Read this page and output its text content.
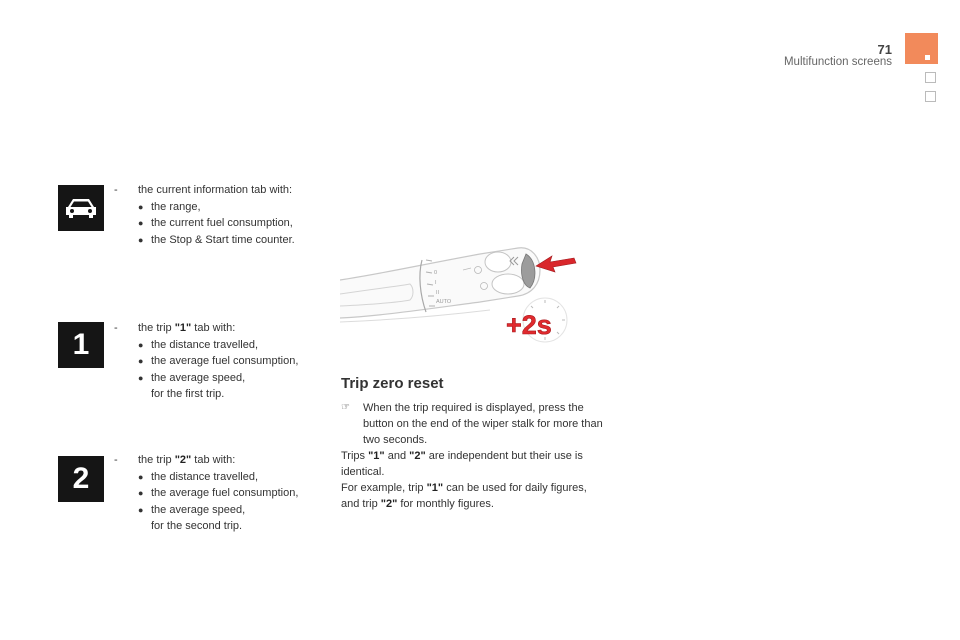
71
Multifunction screens
- the current information tab with:
● the range,
● the current fuel consumption,
● the Stop & Start time counter.
1 - the trip "1" tab with:
● the distance travelled,
● the average fuel consumption,
● the average speed,
for the first trip.
2
- the trip "2" tab with:
● the distance travelled,
● the average fuel consumption,
● the average speed,
for the second trip.
0
I
II
AUTO
+2s
Trip zero reset
☞ When the trip required is displayed, press the button on the end of the wiper stalk for more than two seconds.

Trips "1" and "2" are independent but their use is identical.

For example, trip "1" can be used for daily figures, and trip "2" for monthly figures.
